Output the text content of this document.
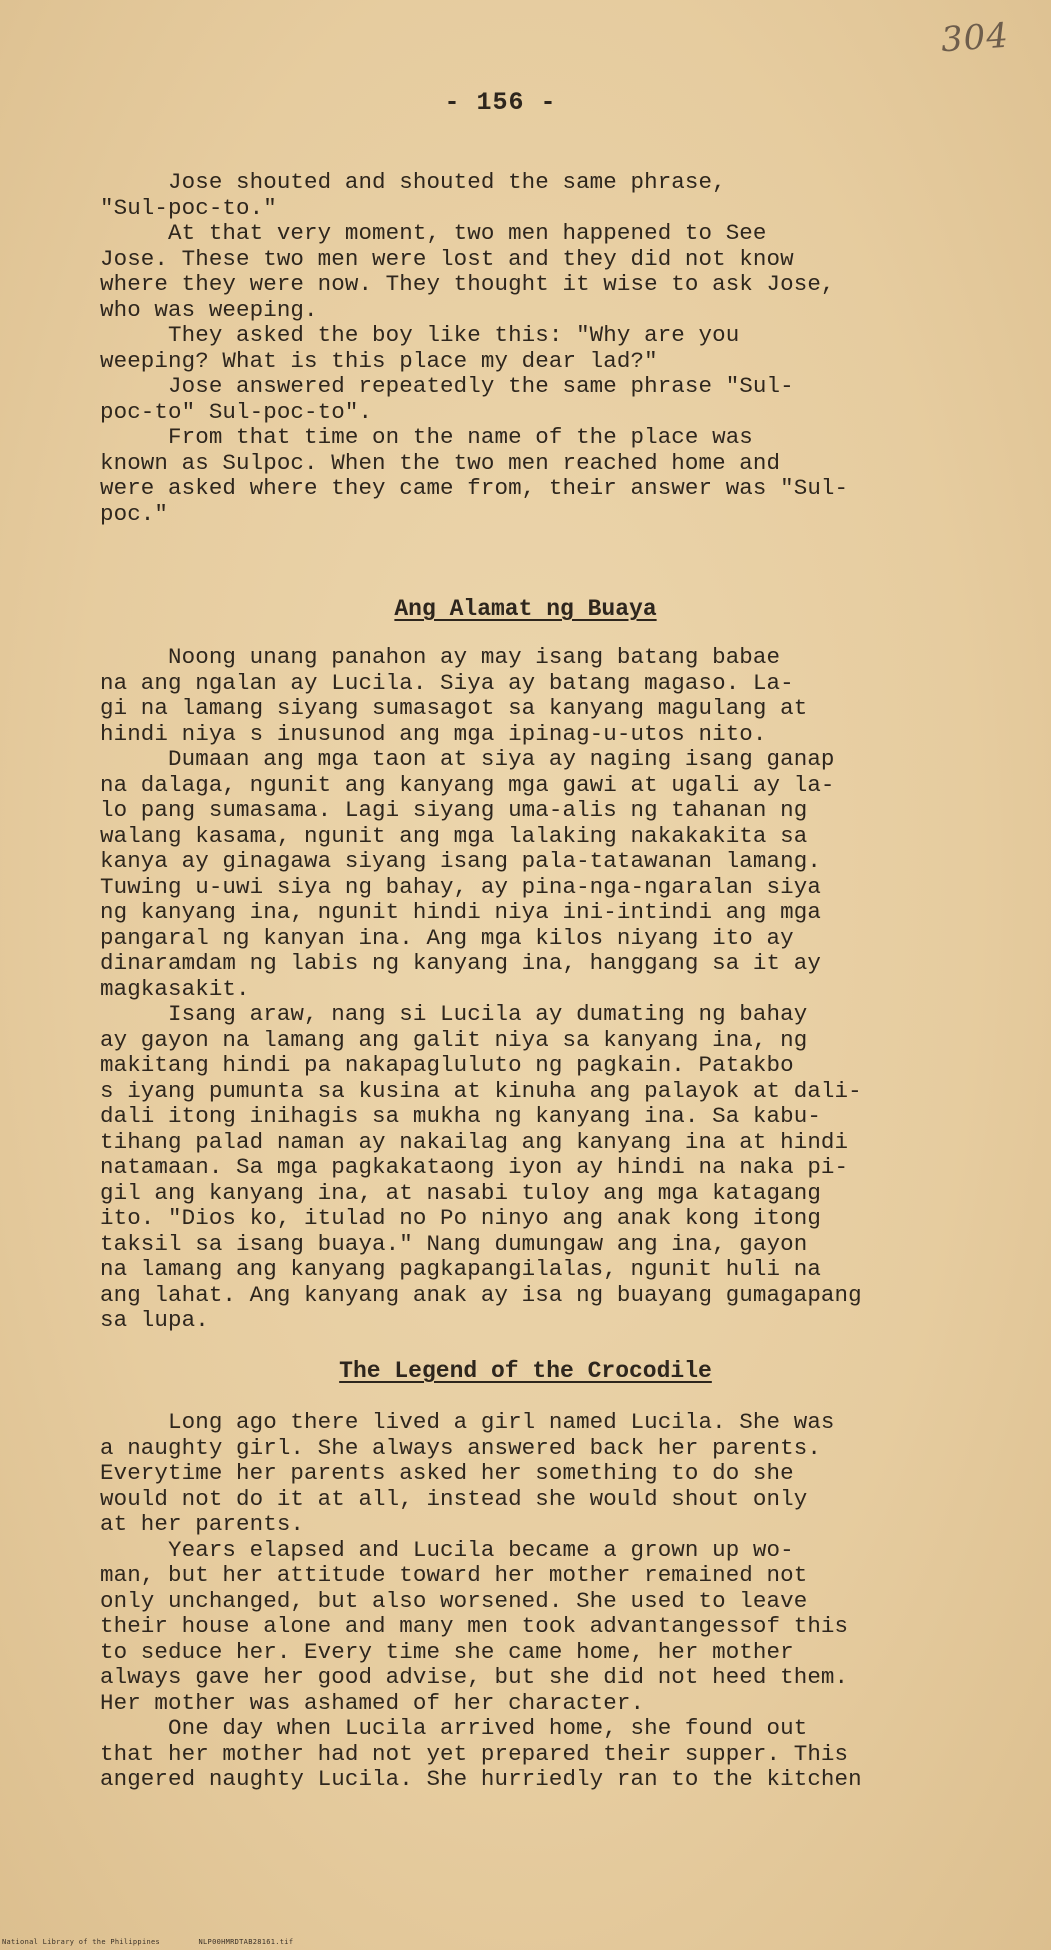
304
- 156 -
Jose shouted and shouted the same phrase,
"Sul-poc-to."
At that very moment, two men happened to See
Jose. These two men were lost and they did not know
where they were now. They thought it wise to ask Jose,
who was weeping.
They asked the boy like this: "Why are you
weeping? What is this place my dear lad?"
Jose answered repeatedly the same phrase "Sul-
poc-to" Sul-poc-to".
From that time on the name of the place was
known as Sulpoc. When the two men reached home and
were asked where they came from, their answer was "Sul-
poc."
Ang Alamat ng Buaya
Noong unang panahon ay may isang batang babae
na ang ngalan ay Lucila. Siya ay batang magaso. La-
gi na lamang siyang sumasagot sa kanyang magulang at
hindi niya s inusunod ang mga ipinag-u-utos nito.
Dumaan ang mga taon at siya ay naging isang ganap
na dalaga, ngunit ang kanyang mga gawi at ugali ay la-
lo pang sumasama. Lagi siyang uma-alis ng tahanan ng
walang kasama, ngunit ang mga lalaking nakakakita sa
kanya ay ginagawa siyang isang pala-tatawanan lamang.
Tuwing u-uwi siya ng bahay, ay pina-nga-ngaralan siya
ng kanyang ina, ngunit hindi niya ini-intindi ang mga
pangaral ng kanyan ina. Ang mga kilos niyang ito ay
dinaramdam ng labis ng kanyang ina, hanggang sa it ay
magkasakit.
Isang araw, nang si Lucila ay dumating ng bahay
ay gayon na lamang ang galit niya sa kanyang ina, ng
makitang hindi pa nakapagluluto ng pagkain. Patakbo
s iyang pumunta sa kusina at kinuha ang palayok at dali-
dali itong inihagis sa mukha ng kanyang ina. Sa kabu-
tihang palad naman ay nakailag ang kanyang ina at hindi
natamaan. Sa mga pagkakataong iyon ay hindi na naka pi-
gil ang kanyang ina, at nasabi tuloy ang mga katagang
ito. "Dios ko, itulad no Po ninyo ang anak kong itong
taksil sa isang buaya." Nang dumungaw ang ina, gayon
na lamang ang kanyang pagkapangilalas, ngunit huli na
ang lahat. Ang kanyang anak ay isa ng buayang gumagapang
sa lupa.
The Legend of the Crocodile
Long ago there lived a girl named Lucila. She was
a naughty girl. She always answered back her parents.
Everytime her parents asked her something to do she
would not do it at all, instead she would shout only
at her parents.
Years elapsed and Lucila became a grown up wo-
man, but her attitude toward her mother remained not
only unchanged, but also worsened. She used to leave
their house alone and many men took advantangessof this
to seduce her. Every time she came home, her mother
always gave her good advise, but she did not heed them.
Her mother was ashamed of her character.
One day when Lucila arrived home, she found out
that her mother had not yet prepared their supper. This
angered naughty Lucila. She hurriedly ran to the kitchen
National Library of the Philippines	NLP00HMRDTAB28161.tif
